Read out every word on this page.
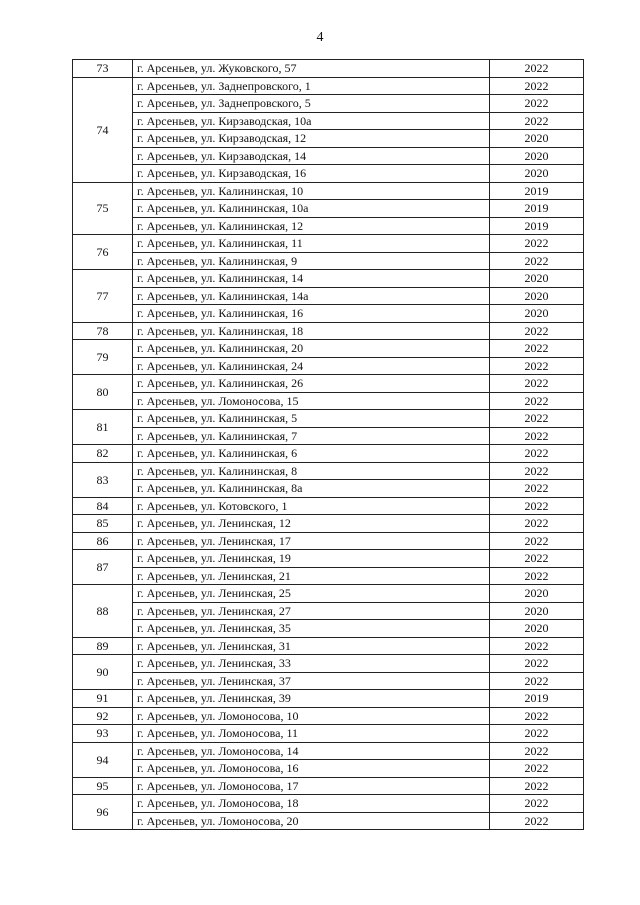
4
73	г. Арсеньев, ул. Жуковского, 57	2022
74	г. Арсеньев, ул. Заднепровского, 1	2022
	г. Арсеньев, ул. Заднепровского, 5	2022
	г. Арсеньев, ул. Кирзаводская, 10а	2022
	г. Арсеньев, ул. Кирзаводская, 12	2020
	г. Арсеньев, ул. Кирзаводская, 14	2020
	г. Арсеньев, ул. Кирзаводская, 16	2020
75	г. Арсеньев, ул. Калининская, 10	2019
	г. Арсеньев, ул. Калининская, 10а	2019
	г. Арсеньев, ул. Калининская, 12	2019
76	г. Арсеньев, ул. Калининская, 11	2022
	г. Арсеньев, ул. Калининская, 9	2022
77	г. Арсеньев, ул. Калининская, 14	2020
	г. Арсеньев, ул. Калининская, 14а	2020
	г. Арсеньев, ул. Калининская, 16	2020
78	г. Арсеньев, ул. Калининская, 18	2022
79	г. Арсеньев, ул. Калининская, 20	2022
	г. Арсеньев, ул. Калининская, 24	2022
80	г. Арсеньев, ул. Калининская, 26	2022
	г. Арсеньев, ул. Ломоносова, 15	2022
81	г. Арсеньев, ул. Калининская, 5	2022
	г. Арсеньев, ул. Калининская, 7	2022
82	г. Арсеньев, ул. Калининская, 6	2022
83	г. Арсеньев, ул. Калининская, 8	2022
	г. Арсеньев, ул. Калининская, 8а	2022
84	г. Арсеньев, ул. Котовского, 1	2022
85	г. Арсеньев, ул. Ленинская, 12	2022
86	г. Арсеньев, ул. Ленинская, 17	2022
87	г. Арсеньев, ул. Ленинская, 19	2022
	г. Арсеньев, ул. Ленинская, 21	2022
88	г. Арсеньев, ул. Ленинская, 25	2020
	г. Арсеньев, ул. Ленинская, 27	2020
	г. Арсеньев, ул. Ленинская, 35	2020
89	г. Арсеньев, ул. Ленинская, 31	2022
90	г. Арсеньев, ул. Ленинская, 33	2022
	г. Арсеньев, ул. Ленинская, 37	2022
91	г. Арсеньев, ул. Ленинская, 39	2019
92	г. Арсеньев, ул. Ломоносова, 10	2022
93	г. Арсеньев, ул. Ломоносова, 11	2022
94	г. Арсеньев, ул. Ломоносова, 14	2022
	г. Арсеньев, ул. Ломоносова, 16	2022
95	г. Арсеньев, ул. Ломоносова, 17	2022
96	г. Арсеньев, ул. Ломоносова, 18	2022
	г. Арсеньев, ул. Ломоносова, 20	2022
